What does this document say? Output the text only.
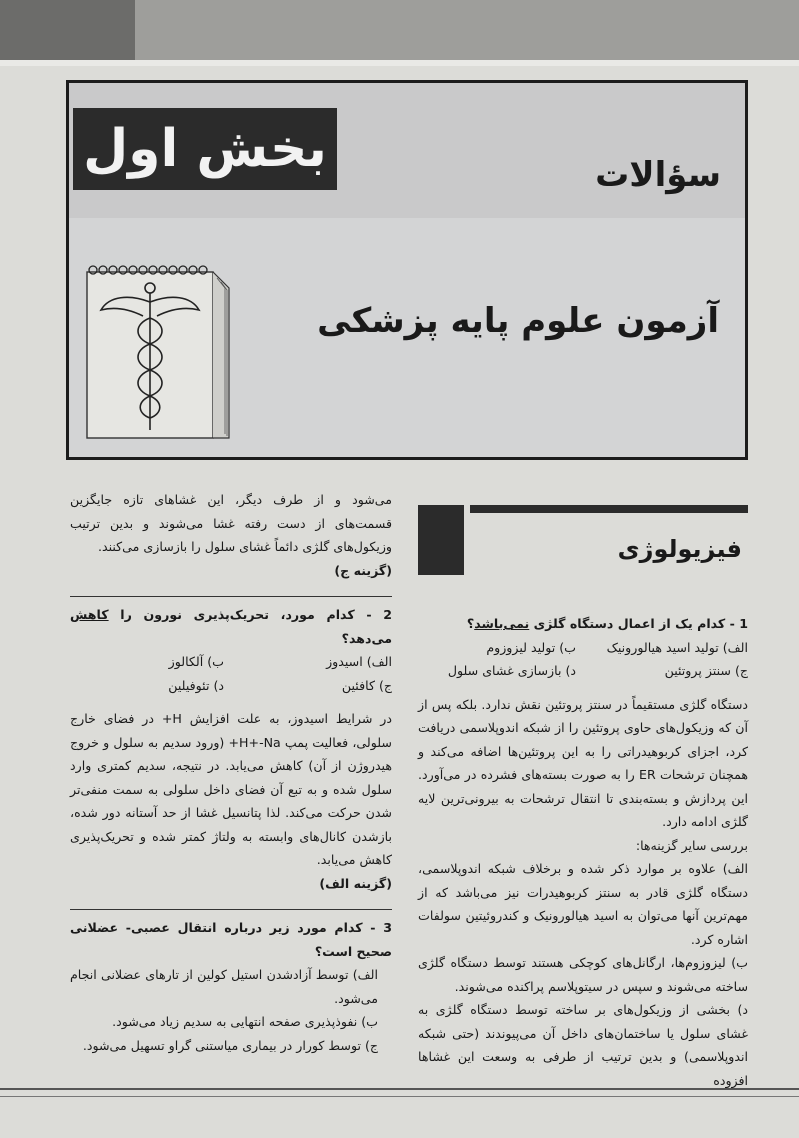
بخش اول	سؤالات
آزمون علوم پایه پزشکی
فیزیولوژی
1 - کدام یک از اعمال دستگاه گلژی نمی‌باشد؟
الف) تولید اسید هیالورونیک
ب) تولید لیزوزوم
ج) سنتز پروتئین
د) بازسازی غشای سلول
دستگاه گلژی مستقیماً در سنتز پروتئین نقش ندارد. بلکه پس از آن که وزیکول‌های حاوی پروتئین را از شبکه اندوپلاسمی دریافت کرد، اجزای کربوهیدراتی را به این پروتئین‌ها اضافه می‌کند و همچنان ترشحات ER را به صورت بسته‌های فشرده در می‌آورد. این پردازش و بسته‌بندی تا انتقال ترشحات به بیرونی‌ترین لایه گلژی ادامه دارد.
بررسی سایر گزینه‌ها:
الف) علاوه بر موارد ذکر شده و برخلاف شبکه اندوپلاسمی، دستگاه گلژی قادر به سنتز کربوهیدرات نیز می‌باشد که از مهم‌ترین آنها می‌توان به اسید هیالورونیک و کندروئیتین سولفات اشاره کرد.
ب) لیزوزوم‌ها، ارگانل‌های کوچکی هستند توسط دستگاه گلژی ساخته می‌شوند و سپس در سیتوپلاسم پراکنده می‌شوند.
د) بخشی از وزیکول‌های بر ساخته توسط دستگاه گلژی به غشای سلول یا ساختمان‌های داخل آن می‌پیوندند (حتی شبکه اندوپلاسمی) و بدین ترتیب از طرفی به وسعت این غشاها افزوده
می‌شود و از طرف دیگر، این غشاهای تازه جایگزین قسمت‌های از دست رفته غشا می‌شوند و بدین ترتیب وزیکول‌های گلژی دائماً غشای سلول را بازسازی می‌کنند.
(گزینه ج)
2 - کدام مورد، تحریک‌پذیری نورون را کاهش می‌دهد؟
الف) اسیدوز
ب) آلکالوز
ج) کافئین
د) تئوفیلین
در شرایط اسیدوز، به علت افزایش H+ در فضای خارج سلولی، فعالیت پمپ H+-Na+ (ورود سدیم به سلول و خروج هیدروژن از آن) کاهش می‌یابد. در نتیجه، سدیم کمتری وارد سلول شده و به تبع آن فضای داخل سلولی به سمت منفی‌تر شدن حرکت می‌کند. لذا پتانسیل غشا از حد آستانه دور شده، بازشدن کانال‌های وابسته به ولتاژ کمتر شده و تحریک‌پذیری کاهش می‌یابد.
(گزینه الف)
3 - کدام مورد زیر درباره انتقال عصبی- عضلانی صحیح است؟
الف) توسط آزادشدن استیل کولین از تارهای عضلانی انجام می‌شود.
ب) نفوذپذیری صفحه انتهایی به سدیم زیاد می‌شود.
ج) توسط کورار در بیماری میاستنی گراو تسهیل می‌شود.
